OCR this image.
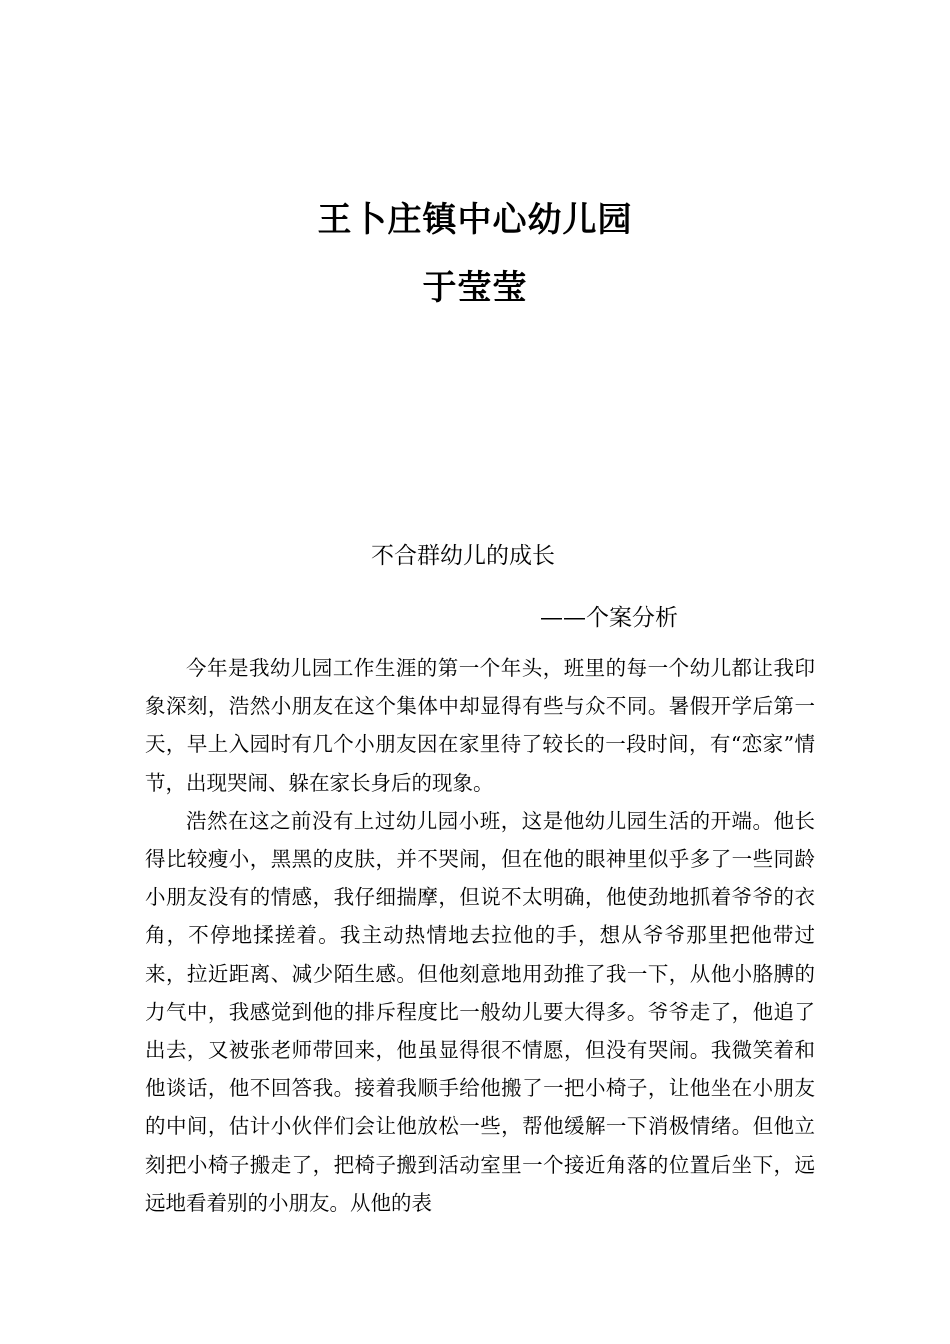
王卜庄镇中心幼儿园
于莹莹
不合群幼儿的成长
——个案分析

今年是我幼儿园工作生涯的第一个年头，班里的每一个幼儿都让我印象深刻，浩然小朋友在这个集体中却显得有些与众不同。暑假开学后第一天，早上入园时有几个小朋友因在家里待了较长的一段时间，有“恋家”情节，出现哭闹、躲在家长身后的现象。

浩然在这之前没有上过幼儿园小班，这是他幼儿园生活的开端。他长得比较瘦小，黑黑的皮肤，并不哭闹，但在他的眼神里似乎多了一些同龄小朋友没有的情感，我仔细揣摩，但说不太明确，他使劲地抓着爷爷的衣角，不停地揉搓着。我主动热情地去拉他的手，想从爷爷那里把他带过来，拉近距离、减少陌生感。但他刻意地用劲推了我一下，从他小胳膊的力气中，我感觉到他的排斥程度比一般幼儿要大得多。爷爷走了，他追了出去，又被张老师带回来，他虽显得很不情愿，但没有哭闹。我微笑着和他谈话，他不回答我。接着我顺手给他搬了一把小椅子，让他坐在小朋友的中间，估计小伙伴们会让他放松一些，帮他缓解一下消极情绪。但他立刻把小椅子搬走了，把椅子搬到活动室里一个接近角落的位置后坐下，远远地看着别的小朋友。从他的表
